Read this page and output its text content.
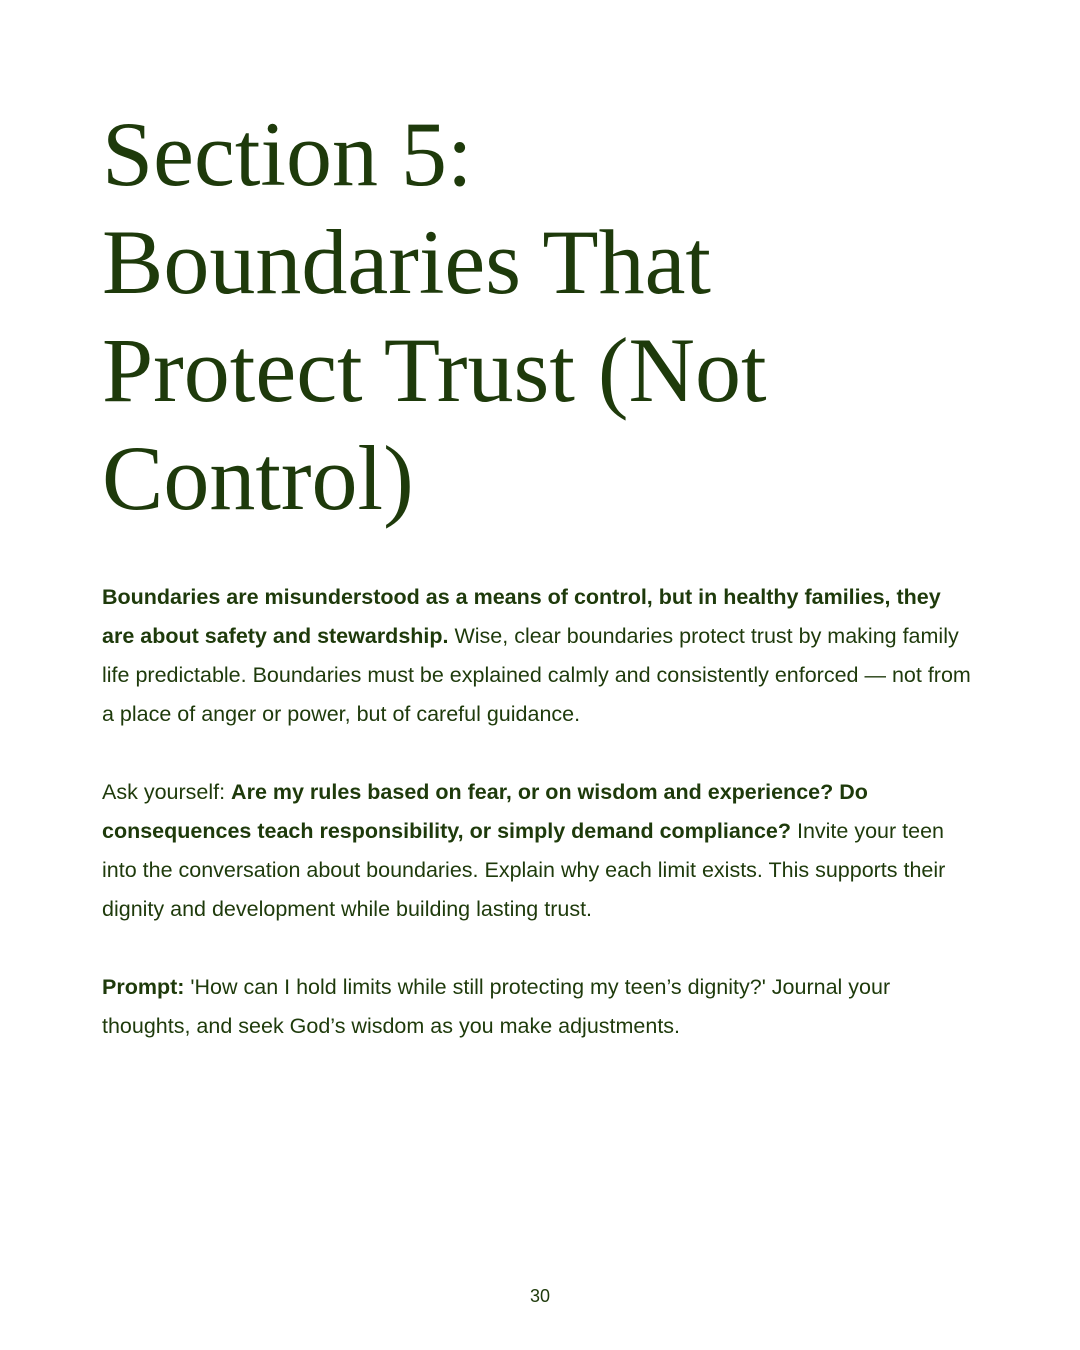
Section 5:
Boundaries That
Protect Trust (Not
Control)

Boundaries are misunderstood as a means of control, but in healthy families, they are about safety and stewardship. Wise, clear boundaries protect trust by making family life predictable. Boundaries must be explained calmly and consistently enforced — not from a place of anger or power, but of careful guidance.

Ask yourself: Are my rules based on fear, or on wisdom and experience? Do consequences teach responsibility, or simply demand compliance? Invite your teen into the conversation about boundaries. Explain why each limit exists. This supports their dignity and development while building lasting trust.

Prompt: 'How can I hold limits while still protecting my teen’s dignity?' Journal your thoughts, and seek God’s wisdom as you make adjustments.

30
